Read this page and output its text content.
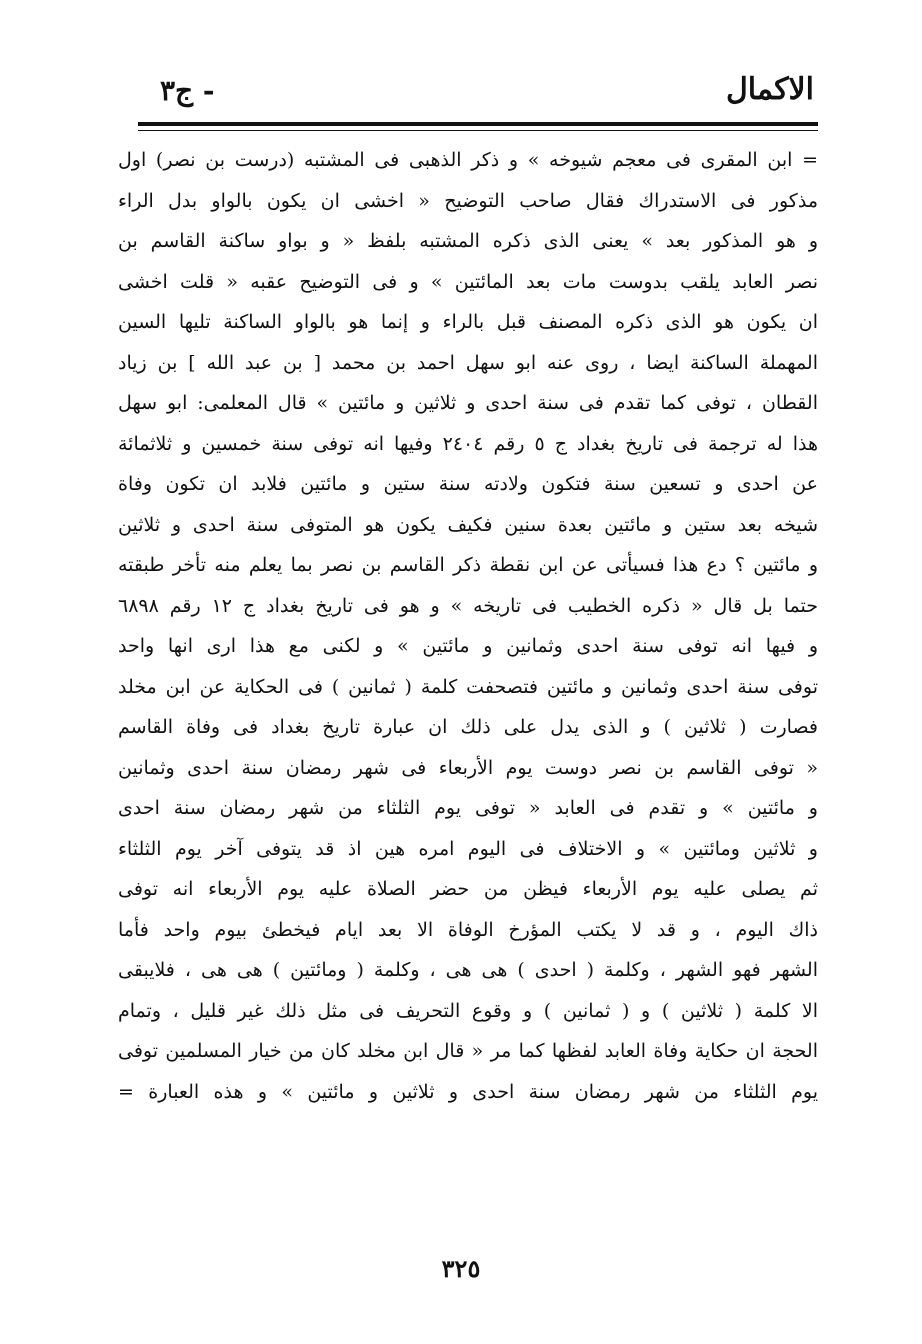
الاكمال
- ج٣
= ابن المقرى فى معجم شيوخه » و ذكر الذهبى فى المشتبه (درست بن نصر) اول
مذكور فى الاستدراك فقال صاحب التوضيح « اخشى ان يكون بالواو بدل الراء
و هو المذكور بعد » يعنى الذى ذكره المشتبه بلفظ « و بواو ساكنة القاسم بن
نصر العابد يلقب بدوست مات بعد المائتين » و فى التوضيح عقبه « قلت اخشى
ان يكون هو الذى ذكره المصنف قبل بالراء و إنما هو بالواو الساكنة تليها السين
المهملة الساكنة ايضا ، روى عنه ابو سهل احمد بن محمد [ بن عبد الله ] بن زياد
القطان ، توفى كما تقدم فى سنة احدى و ثلاثين و مائتين » قال المعلمى: ابو سهل
هذا له ترجمة فى تاريخ بغداد ج ٥ رقم ٢٤٠٤ وفيها انه توفى سنة خمسين و ثلاثمائة
عن احدى و تسعين سنة فتكون ولادته سنة ستين و مائتين فلابد ان تكون وفاة
شيخه بعد ستين و مائتين بعدة سنين فكيف يكون هو المتوفى سنة احدى و ثلاثين
و مائتين ؟ دع هذا فسيأتى عن ابن نقطة ذكر القاسم بن نصر بما يعلم منه تأخر طبقته
حتما بل قال « ذكره الخطيب فى تاريخه » و هو فى تاريخ بغداد ج ١٢ رقم ٦٨٩٨
و فيها انه توفى سنة احدى وثمانين و مائتين » و لكنى مع هذا ارى انها واحد
توفى سنة احدى وثمانين و مائتين فتصحفت كلمة ( ثمانين ) فى الحكاية عن ابن مخلد
فصارت ( ثلاثين ) و الذى يدل على ذلك ان عبارة تاريخ بغداد فى وفاة القاسم
« توفى القاسم بن نصر دوست يوم الأربعاء فى شهر رمضان سنة احدى وثمانين
و مائتين » و تقدم فى العابد « توفى يوم الثلثاء من شهر رمضان سنة احدى
و ثلاثين ومائتين » و الاختلاف فى اليوم امره هين اذ قد يتوفى آخر يوم الثلثاء
ثم يصلى عليه يوم الأربعاء فيظن من حضر الصلاة عليه يوم الأربعاء انه توفى
ذاك اليوم ، و قد لا يكتب المؤرخ الوفاة الا بعد ايام فيخطئ بيوم واحد فأما
الشهر فهو الشهر ، وكلمة ( احدى ) هى هى ، وكلمة ( ومائتين ) هى هى ، فلايبقى
الا كلمة ( ثلاثين ) و ( ثمانين ) و وقوع التحريف فى مثل ذلك غير قليل ، وتمام
الحجة ان حكاية وفاة العابد لفظها كما مر « قال ابن مخلد كان من خيار المسلمين توفى
يوم الثلثاء من شهر رمضان سنة احدى و ثلاثين و مائتين » و هذه العبارة =
٣٢٥
